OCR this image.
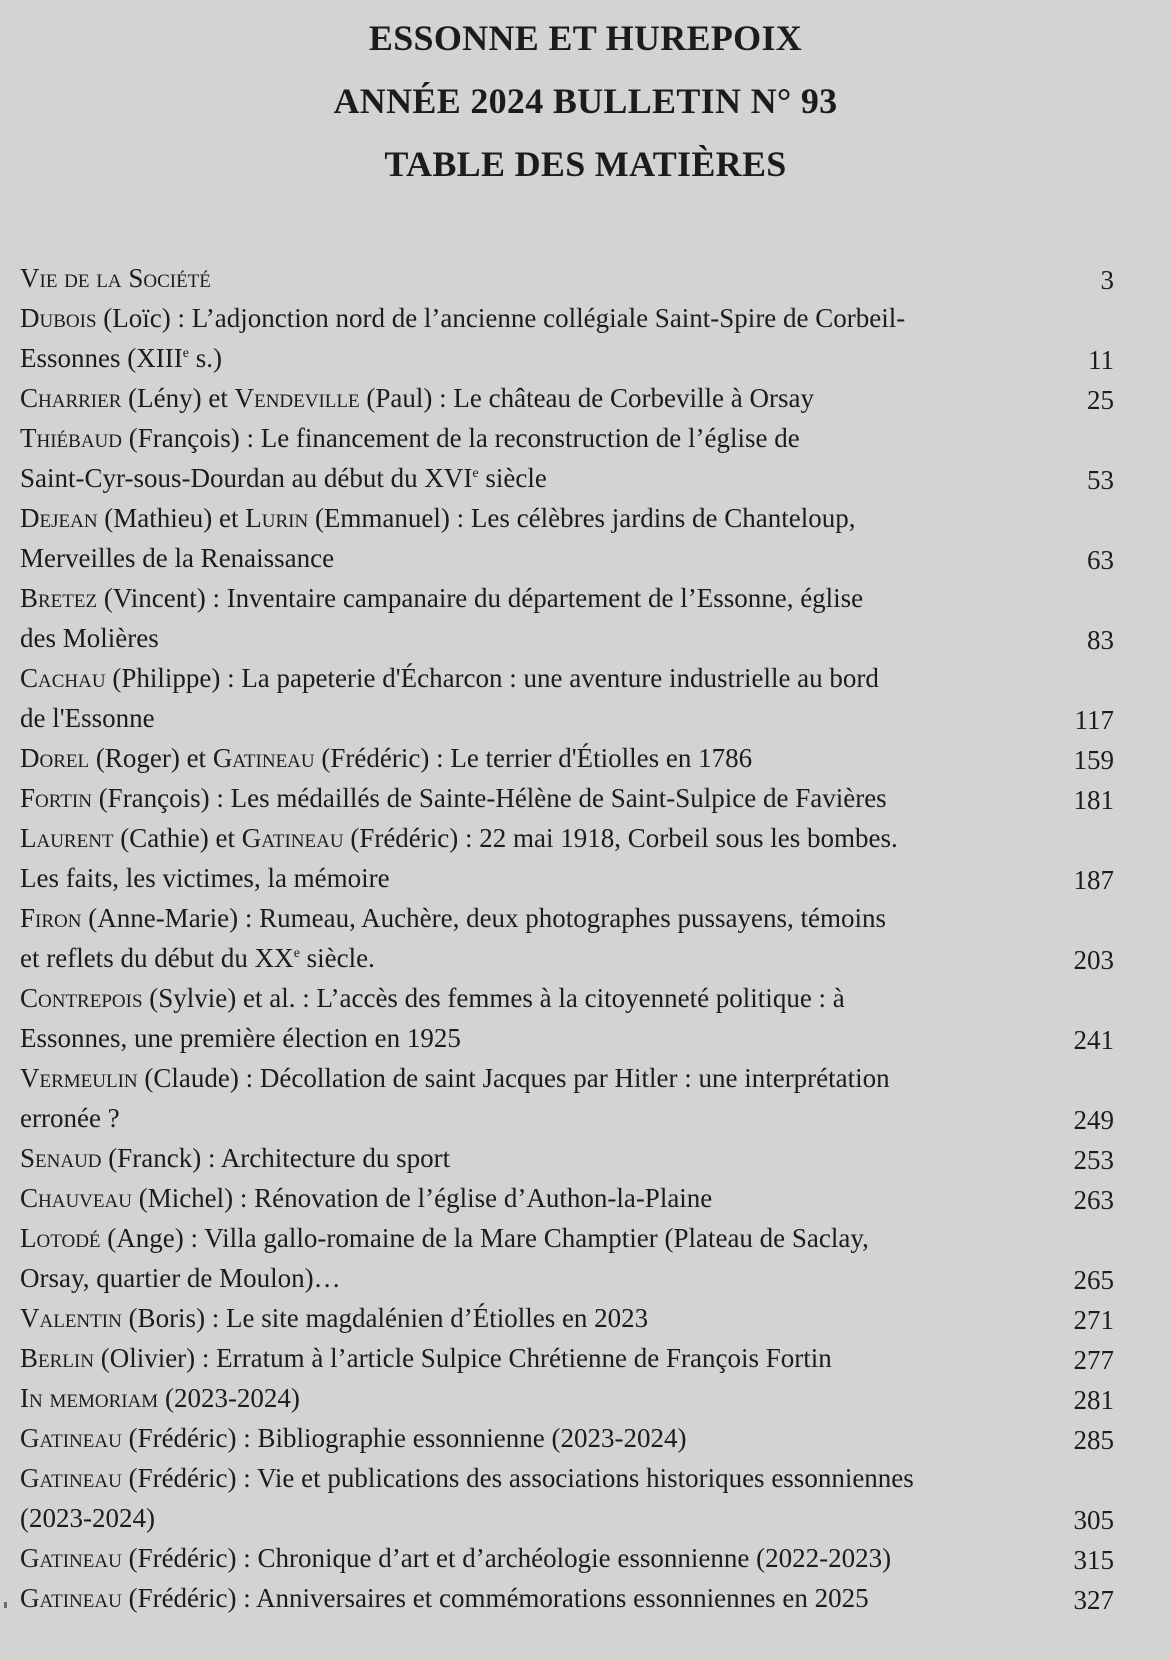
ESSONNE ET HUREPOIX
ANNÉE 2024 BULLETIN N° 93
TABLE DES MATIÈRES
Vie de la Société	3
Dubois (Loïc) : L’adjonction nord de l’ancienne collégiale Saint-Spire de Corbeil-
Essonnes (XIIIe s.)	11
Charrier (Lény) et Vendeville (Paul) : Le château de Corbeville à Orsay	25
Thiébaud (François) : Le financement de la reconstruction de l’église de
Saint-Cyr-sous-Dourdan au début du XVIe siècle	53
Dejean (Mathieu) et Lurin (Emmanuel) : Les célèbres jardins de Chanteloup,
Merveilles de la Renaissance	63
Bretez (Vincent) : Inventaire campanaire du département de l’Essonne, église
des Molières	83
Cachau (Philippe) : La papeterie d'Écharcon : une aventure industrielle au bord
de l'Essonne	117
Dorel (Roger) et Gatineau (Frédéric) : Le terrier d'Étiolles en 1786	159
Fortin (François) : Les médaillés de Sainte-Hélène de Saint-Sulpice de Favières	181
Laurent (Cathie) et Gatineau (Frédéric) : 22 mai 1918, Corbeil sous les bombes.
Les faits, les victimes, la mémoire	187
Firon (Anne-Marie) : Rumeau, Auchère, deux photographes pussayens, témoins
et reflets du début du XXe siècle.	203
Contrepois (Sylvie) et al. : L’accès des femmes à la citoyenneté politique : à
Essonnes, une première élection en 1925	241
Vermeulin (Claude) : Décollation de saint Jacques par Hitler : une interprétation
erronée ?	249
Senaud (Franck) : Architecture du sport	253
Chauveau (Michel) : Rénovation de l’église d’Authon-la-Plaine	263
Lotodé (Ange) : Villa gallo-romaine de la Mare Champtier (Plateau de Saclay,
Orsay, quartier de Moulon)…	265
Valentin (Boris) : Le site magdalénien d’Étiolles en 2023	271
Berlin (Olivier) : Erratum à l’article Sulpice Chrétienne de François Fortin	277
In memoriam (2023-2024)	281
Gatineau (Frédéric) : Bibliographie essonnienne (2023-2024)	285
Gatineau (Frédéric) : Vie et publications des associations historiques essonniennes
(2023-2024)	305
Gatineau (Frédéric) : Chronique d’art et d’archéologie essonnienne (2022-2023)	315
Gatineau (Frédéric) : Anniversaires et commémorations essonniennes en 2025	327
